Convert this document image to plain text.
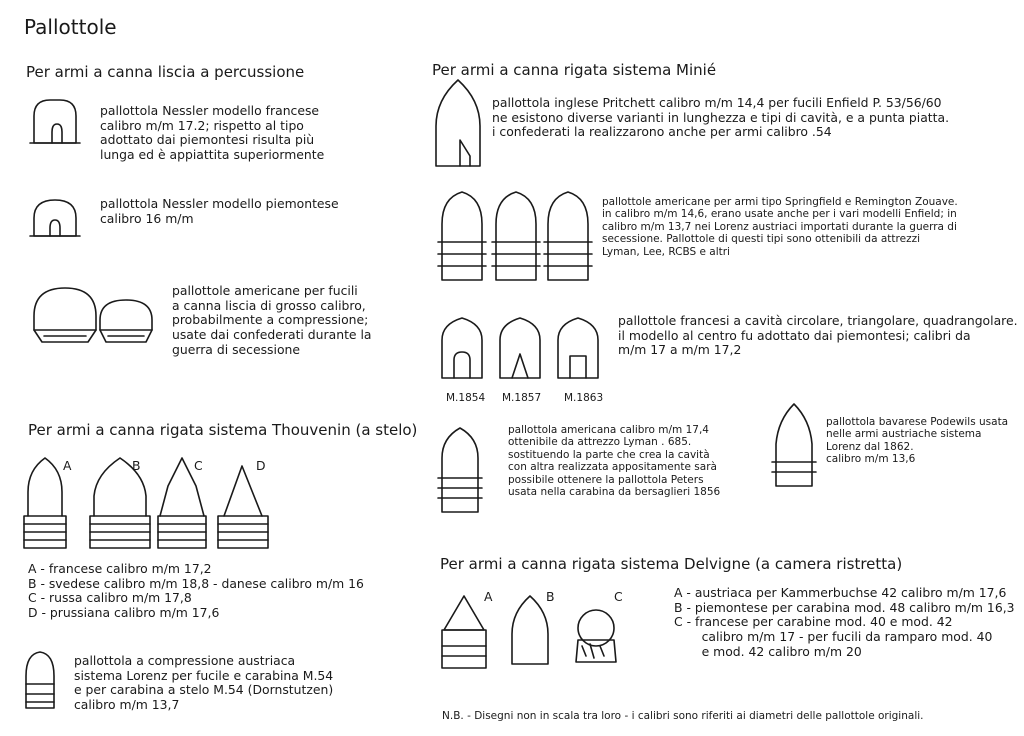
Pallottole
Per armi a canna liscia a percussione
pallottola Nessler modello francese
calibro m/m 17.2; rispetto al tipo
adottato dai piemontesi risulta più
lunga ed è appiattita superiormente
pallottola Nessler modello piemontese
calibro 16 m/m
pallottole americane per fucili
a canna liscia di grosso calibro,
probabilmente a compressione;
usate dai confederati durante la
guerra di secessione
Per armi a canna rigata sistema Thouvenin (a stelo)
A	B	C	D
A - francese calibro m/m 17,2
B - svedese calibro m/m 18,8 - danese calibro m/m 16
C - russa calibro m/m 17,8
D - prussiana calibro m/m 17,6
pallottola a compressione austriaca
sistema Lorenz per fucile e carabina M.54
e per carabina a stelo M.54 (Dornstutzen)
calibro m/m 13,7
Per armi a canna rigata sistema Minié
pallottola inglese Pritchett calibro m/m 14,4 per fucili Enfield P. 53/56/60
ne esistono diverse varianti in lunghezza e tipi di cavità, e a punta piatta.
i confederati la realizzarono anche per armi calibro .54
pallottole americane per armi tipo Springfield e Remington Zouave.
in calibro m/m 14,6, erano usate anche per i vari modelli Enfield; in
calibro m/m 13,7 nei Lorenz austriaci importati durante la guerra di
secessione. Pallottole di questi tipi sono ottenibili da attrezzi
Lyman, Lee, RCBS e altri
pallottole francesi a cavità circolare, triangolare, quadrangolare.
il modello al centro fu adottato dai piemontesi; calibri da
m/m 17 a m/m 17,2
M.1854 M.1857 M.1863
pallottola americana calibro m/m 17,4
ottenibile da attrezzo Lyman . 685.
sostituendo la parte che crea la cavità
con altra realizzata appositamente sarà
possibile ottenere la pallottola Peters
usata nella carabina da bersaglieri 1856
pallottola bavarese Podewils usata
nelle armi austriache sistema
Lorenz dal 1862.
calibro m/m 13,6
Per armi a canna rigata sistema Delvigne (a camera ristretta)
A	B	C	A - austriaca per Kammerbuchse 42 calibro m/m 17,6
B - piemontese per carabina mod. 48 calibro m/m 16,3
C - francese per carabine mod. 40 e mod. 42
calibro m/m 17 - per fucili da ramparo mod. 40
e mod. 42 calibro m/m 20
N.B. - Disegni non in scala tra loro - i calibri sono riferiti ai diametri delle pallottole originali.
